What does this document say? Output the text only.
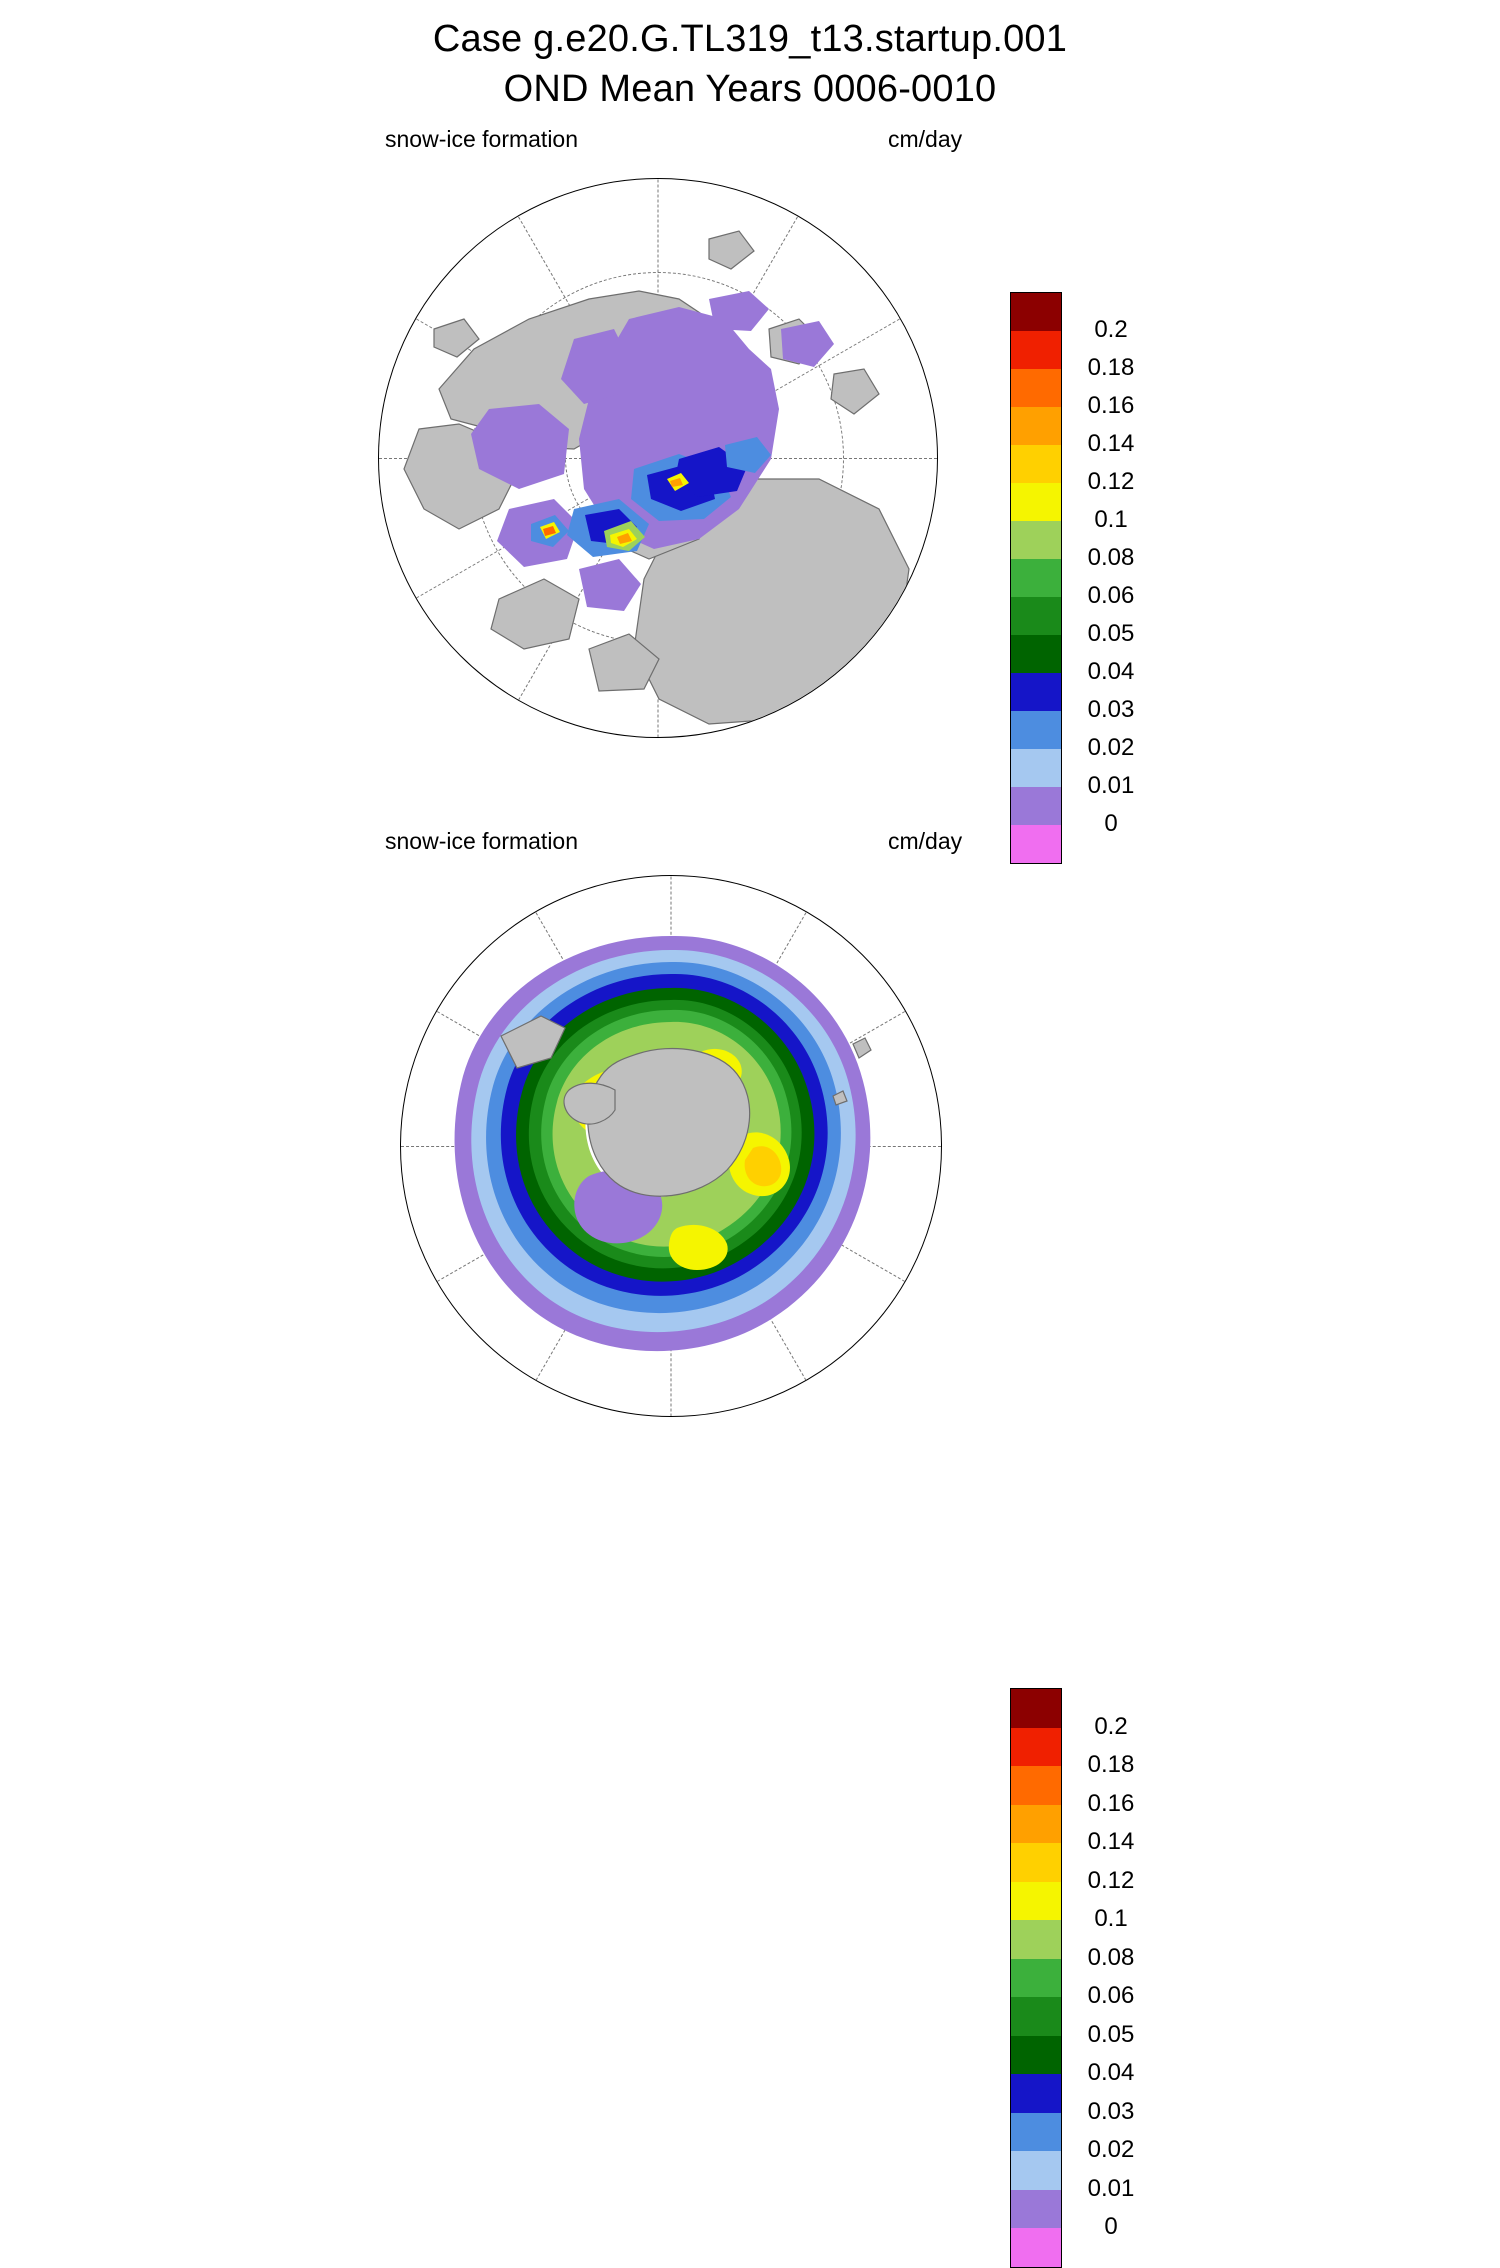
Case g.e20.G.TL319_t13.startup.001
OND Mean Years 0006-0010
snow-ice formation	cm/day
0.2
0.18
0.16
0.14
0.12
0.1
0.08
0.06
0.05
0.04
0.03
0.02
0.01
0
snow-ice formation	cm/day
0.2
0.18
0.16
0.14
0.12
0.1
0.08
0.06
0.05
0.04
0.03
0.02
0.01
0
